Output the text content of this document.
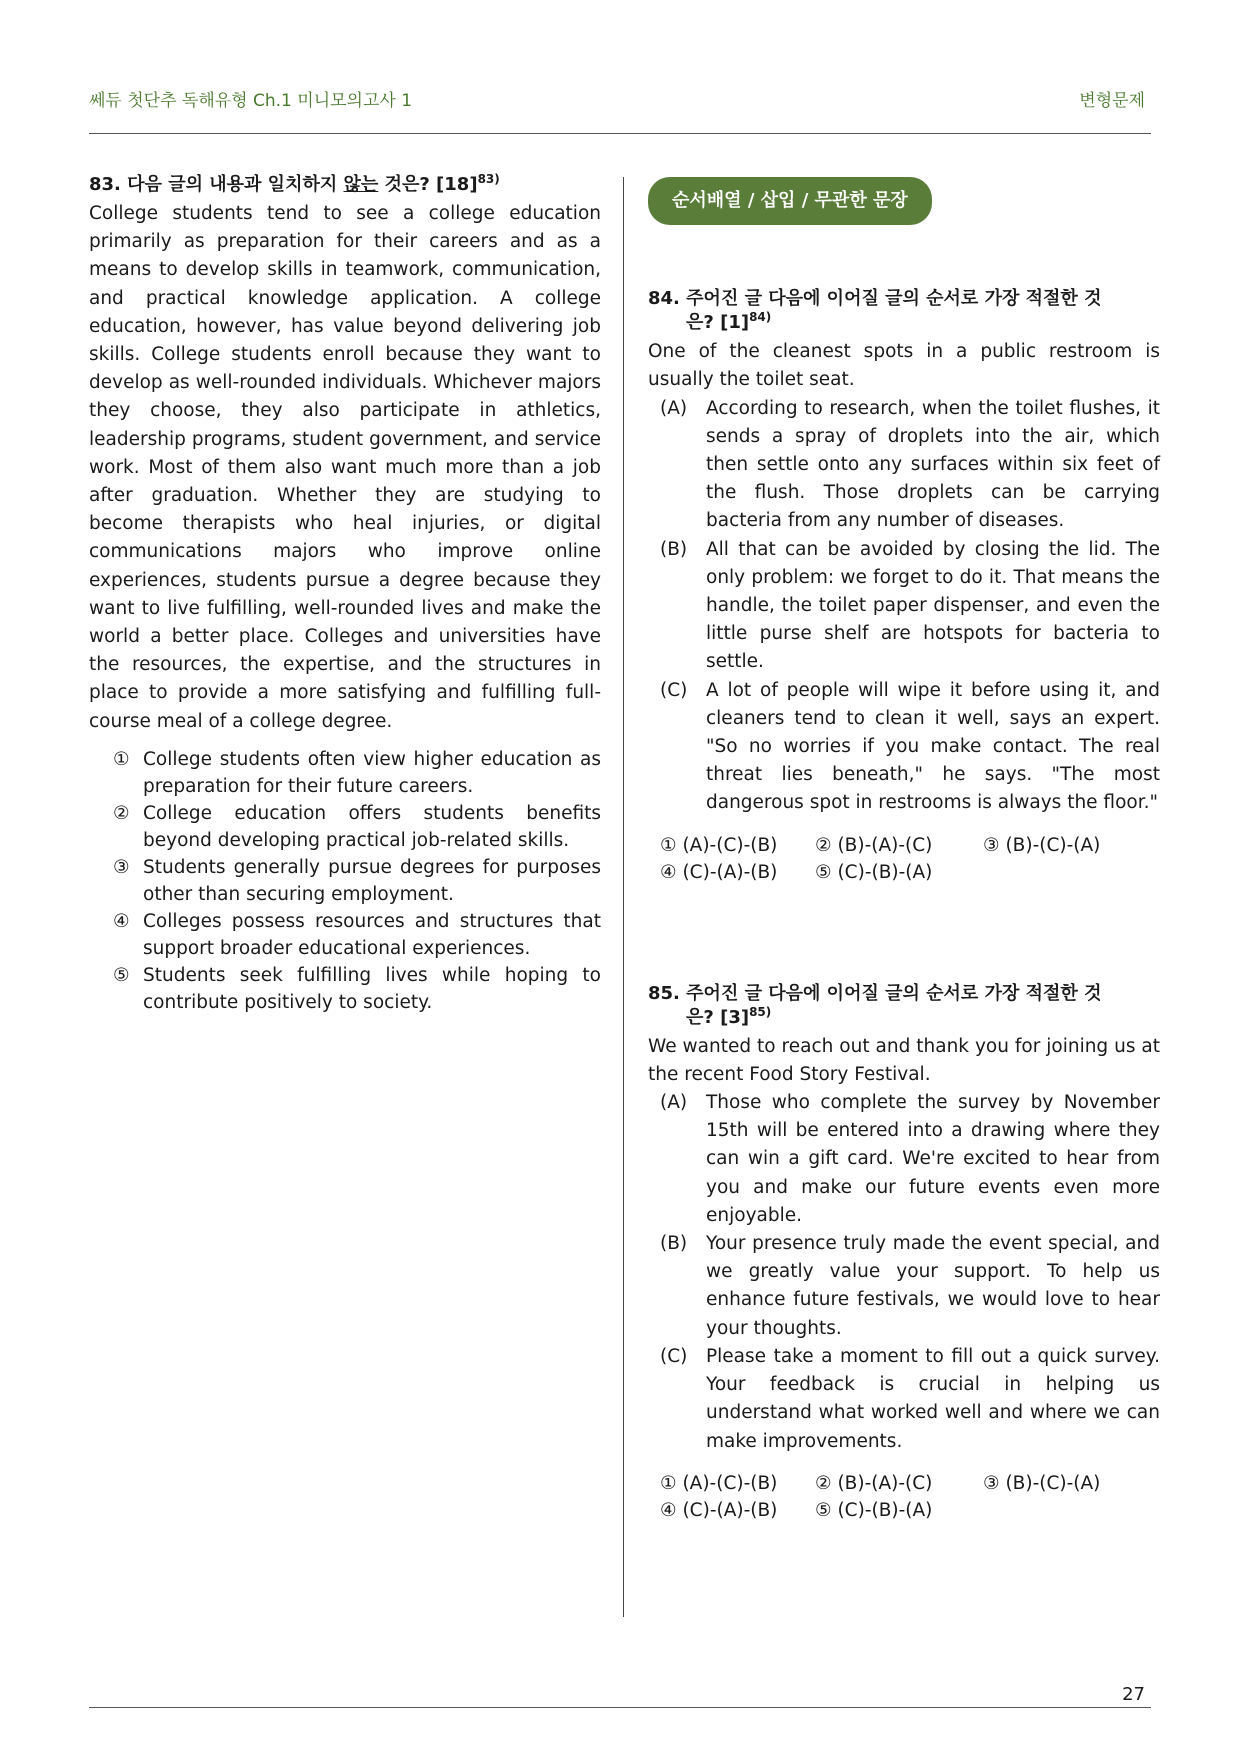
쎄듀 첫단추 독해유형 Ch.1 미니모의고사 1	변형문제
83. 다음 글의 내용과 일치하지 않는 것은? $[18]^{83)}$

College students tend to see a college education primarily as preparation for their careers and as a means to develop skills in teamwork, communication, and practical knowledge application. A college education, however, has value beyond delivering job skills. College students enroll because they want to develop as well-rounded individuals. Whichever majors they choose, they also participate in athletics, leadership programs, student government, and service work. Most of them also want much more than a job after graduation. Whether they are studying to become therapists who heal injuries, or digital communications majors who improve online experiences, students pursue a degree because they want to live fulfilling, well-rounded lives and make the world a better place. Colleges and universities have the resources, the expertise, and the structures in place to provide a more satisfying and fulfilling full-course meal of a college degree.

① College students often view higher education as preparation for their future careers.
② College education offers students benefits beyond developing practical job-related skills.
③ Students generally pursue degrees for purposes other than securing employment.
④ Colleges possess resources and structures that support broader educational experiences.
⑤ Students seek fulfilling lives while hoping to contribute positively to society.
순서배열 / 삽입 / 무관한 문장
84. 주어진 글 다음에 이어질 글의 순서로 가장 적절한 것
은? $[1]^{84)}$

One of the cleanest spots in a public restroom is usually the toilet seat.

(A) According to research, when the toilet flushes, it sends a spray of droplets into the air, which then settle onto any surfaces within six feet of the flush. Those droplets can be carrying bacteria from any number of diseases.
(B) All that can be avoided by closing the lid. The only problem: we forget to do it. That means the handle, the toilet paper dispenser, and even the little purse shelf are hotspots for bacteria to settle.
(C) A lot of people will wipe it before using it, and cleaners tend to clean it well, says an expert. "So no worries if you make contact. The real threat lies beneath," he says. "The most dangerous spot in restrooms is always the floor."
① (A)-(C)-(B)	② (B)-(A)-(C)	③ (B)-(C)-(A)
④ (C)-(A)-(B)	⑤ (C)-(B)-(A)
85. 주어진 글 다음에 이어질 글의 순서로 가장 적절한 것
은? $[3]^{85)}$

We wanted to reach out and thank you for joining us at the recent Food Story Festival.

(A) Those who complete the survey by November 15th will be entered into a drawing where they can win a gift card. We're excited to hear from you and make our future events even more enjoyable.
(B) Your presence truly made the event special, and we greatly value your support. To help us enhance future festivals, we would love to hear your thoughts.
(C) Please take a moment to fill out a quick survey. Your feedback is crucial in helping us understand what worked well and where we can make improvements.
① (A)-(C)-(B)	② (B)-(A)-(C)	③ (B)-(C)-(A)
④ (C)-(A)-(B)	⑤ (C)-(B)-(A)
27
